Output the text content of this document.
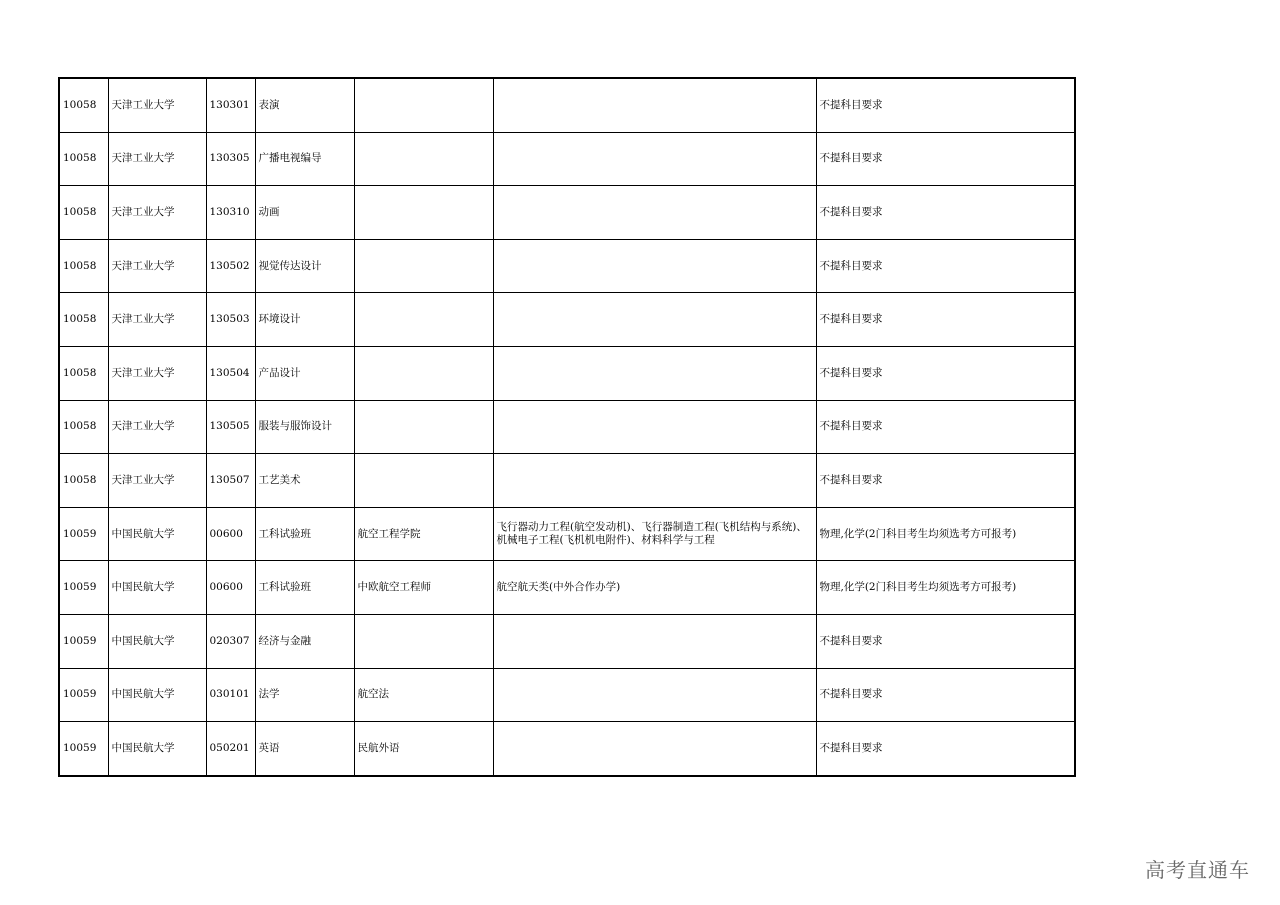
10058	天津工业大学	130301	表演			不提科目要求
10058	天津工业大学	130305	广播电视编导			不提科目要求
10058	天津工业大学	130310	动画			不提科目要求
10058	天津工业大学	130502	视觉传达设计			不提科目要求
10058	天津工业大学	130503	环境设计			不提科目要求
10058	天津工业大学	130504	产品设计			不提科目要求
10058	天津工业大学	130505	服装与服饰设计			不提科目要求
10058	天津工业大学	130507	工艺美术			不提科目要求
10059	中国民航大学	00600	工科试验班	航空工程学院	飞行器动力工程(航空发动机)、飞行器制造工程(飞机结构与系统)、机械电子工程(飞机机电附件)、材料科学与工程	物理,化学(2门科目考生均须选考方可报考)
10059	中国民航大学	00600	工科试验班	中欧航空工程师	航空航天类(中外合作办学)	物理,化学(2门科目考生均须选考方可报考)
10059	中国民航大学	020307	经济与金融			不提科目要求
10059	中国民航大学	030101	法学	航空法		不提科目要求
10059	中国民航大学	050201	英语	民航外语		不提科目要求
高考直通车
